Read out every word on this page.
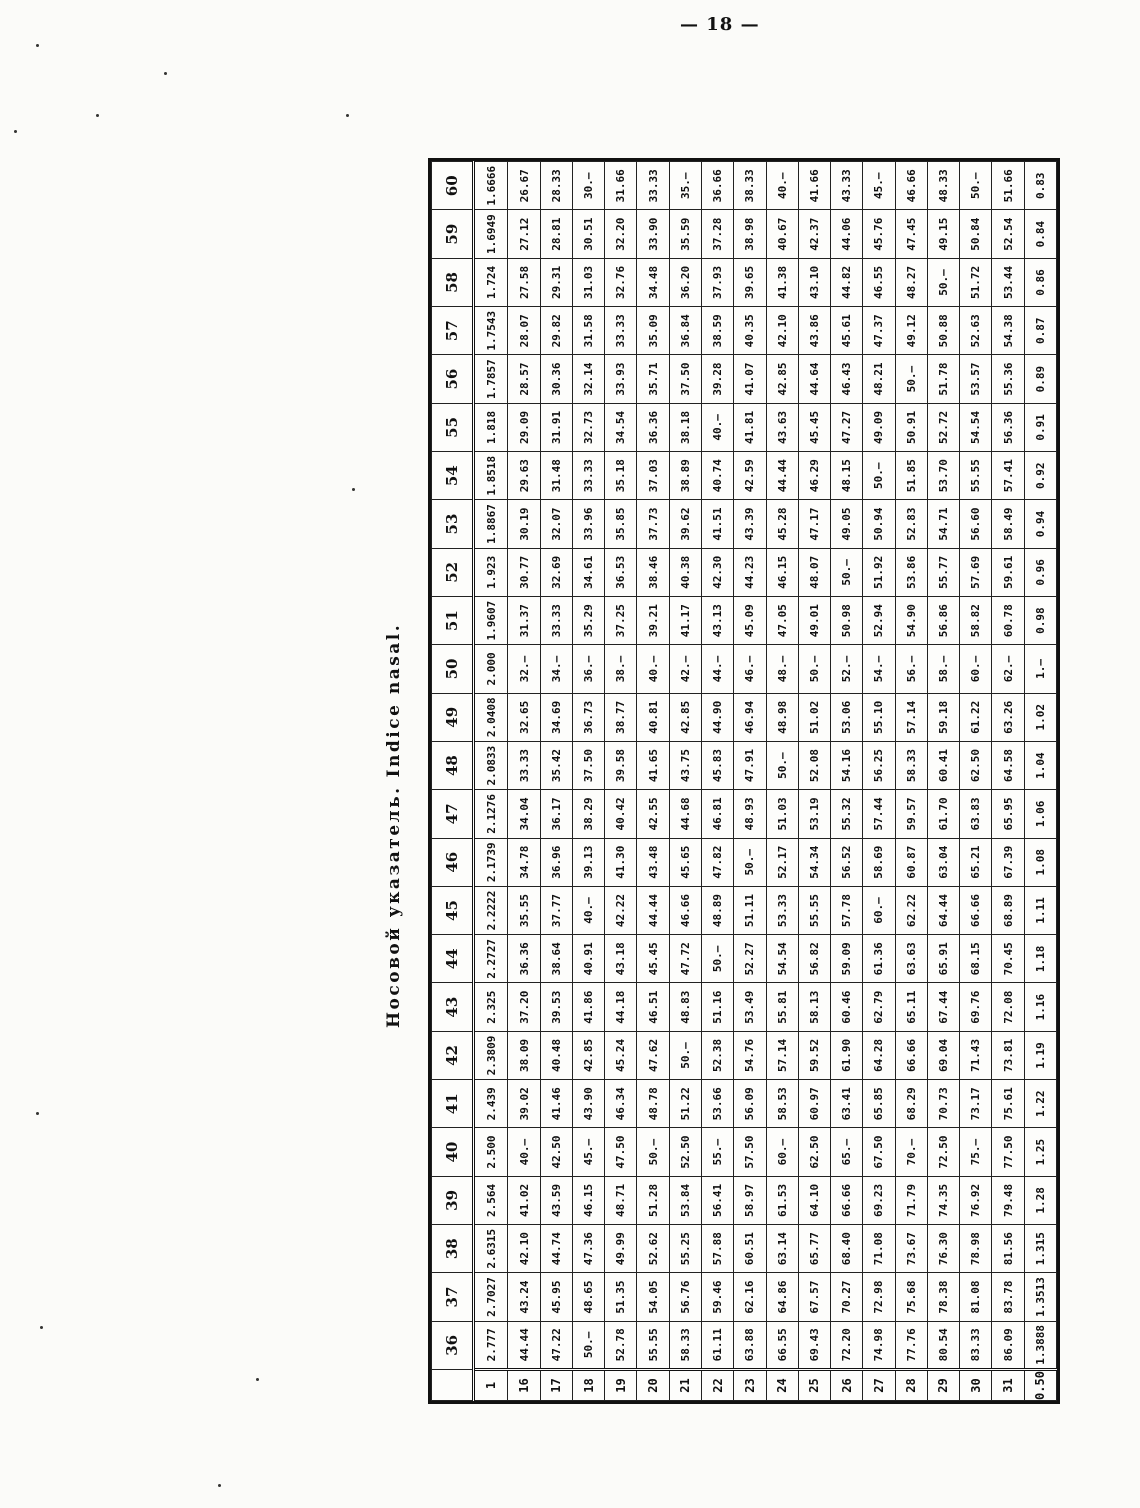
— 18 —
Носовой указатель.Indice nasal.
	36	37	38	39	40	41	42	43	44	45	46	47	48	49	50	51	52	53	54	55	56	57	58	59	60
1	2.777	2.7027	2.6315	2.564	2.500	2.439	2.3809	2.325	2.2727	2.2222	2.1739	2.1276	2.0833	2.0408	2.000	1.9607	1.923	1.8867	1.8518	1.818	1.7857	1.7543	1.724	1.6949	1.6666
16	44.44	43.24	42.10	41.02	40.—	39.02	38.09	37.20	36.36	35.55	34.78	34.04	33.33	32.65	32.—	31.37	30.77	30.19	29.63	29.09	28.57	28.07	27.58	27.12	26.67
17	47.22	45.95	44.74	43.59	42.50	41.46	40.48	39.53	38.64	37.77	36.96	36.17	35.42	34.69	34.—	33.33	32.69	32.07	31.48	31.91	30.36	29.82	29.31	28.81	28.33
18	50.—	48.65	47.36	46.15	45.—	43.90	42.85	41.86	40.91	40.—	39.13	38.29	37.50	36.73	36.—	35.29	34.61	33.96	33.33	32.73	32.14	31.58	31.03	30.51	30.—
19	52.78	51.35	49.99	48.71	47.50	46.34	45.24	44.18	43.18	42.22	41.30	40.42	39.58	38.77	38.—	37.25	36.53	35.85	35.18	34.54	33.93	33.33	32.76	32.20	31.66
20	55.55	54.05	52.62	51.28	50.—	48.78	47.62	46.51	45.45	44.44	43.48	42.55	41.65	40.81	40.—	39.21	38.46	37.73	37.03	36.36	35.71	35.09	34.48	33.90	33.33
21	58.33	56.76	55.25	53.84	52.50	51.22	50.—	48.83	47.72	46.66	45.65	44.68	43.75	42.85	42.—	41.17	40.38	39.62	38.89	38.18	37.50	36.84	36.20	35.59	35.—
22	61.11	59.46	57.88	56.41	55.—	53.66	52.38	51.16	50.—	48.89	47.82	46.81	45.83	44.90	44.—	43.13	42.30	41.51	40.74	40.—	39.28	38.59	37.93	37.28	36.66
23	63.88	62.16	60.51	58.97	57.50	56.09	54.76	53.49	52.27	51.11	50.—	48.93	47.91	46.94	46.—	45.09	44.23	43.39	42.59	41.81	41.07	40.35	39.65	38.98	38.33
24	66.55	64.86	63.14	61.53	60.—	58.53	57.14	55.81	54.54	53.33	52.17	51.03	50.—	48.98	48.—	47.05	46.15	45.28	44.44	43.63	42.85	42.10	41.38	40.67	40.—
25	69.43	67.57	65.77	64.10	62.50	60.97	59.52	58.13	56.82	55.55	54.34	53.19	52.08	51.02	50.—	49.01	48.07	47.17	46.29	45.45	44.64	43.86	43.10	42.37	41.66
26	72.20	70.27	68.40	66.66	65.—	63.41	61.90	60.46	59.09	57.78	56.52	55.32	54.16	53.06	52.—	50.98	50.—	49.05	48.15	47.27	46.43	45.61	44.82	44.06	43.33
27	74.98	72.98	71.08	69.23	67.50	65.85	64.28	62.79	61.36	60.—	58.69	57.44	56.25	55.10	54.—	52.94	51.92	50.94	50.—	49.09	48.21	47.37	46.55	45.76	45.—
28	77.76	75.68	73.67	71.79	70.—	68.29	66.66	65.11	63.63	62.22	60.87	59.57	58.33	57.14	56.—	54.90	53.86	52.83	51.85	50.91	50.—	49.12	48.27	47.45	46.66
29	80.54	78.38	76.30	74.35	72.50	70.73	69.04	67.44	65.91	64.44	63.04	61.70	60.41	59.18	58.—	56.86	55.77	54.71	53.70	52.72	51.78	50.88	50.—	49.15	48.33
30	83.33	81.08	78.98	76.92	75.—	73.17	71.43	69.76	68.15	66.66	65.21	63.83	62.50	61.22	60.—	58.82	57.69	56.60	55.55	54.54	53.57	52.63	51.72	50.84	50.—
31	86.09	83.78	81.56	79.48	77.50	75.61	73.81	72.08	70.45	68.89	67.39	65.95	64.58	63.26	62.—	60.78	59.61	58.49	57.41	56.36	55.36	54.38	53.44	52.54	51.66
0.50	1.3888	1.3513	1.315	1.28	1.25	1.22	1.19	1.16	1.18	1.11	1.08	1.06	1.04	1.02	1.—	0.98	0.96	0.94	0.92	0.91	0.89	0.87	0.86	0.84	0.83
